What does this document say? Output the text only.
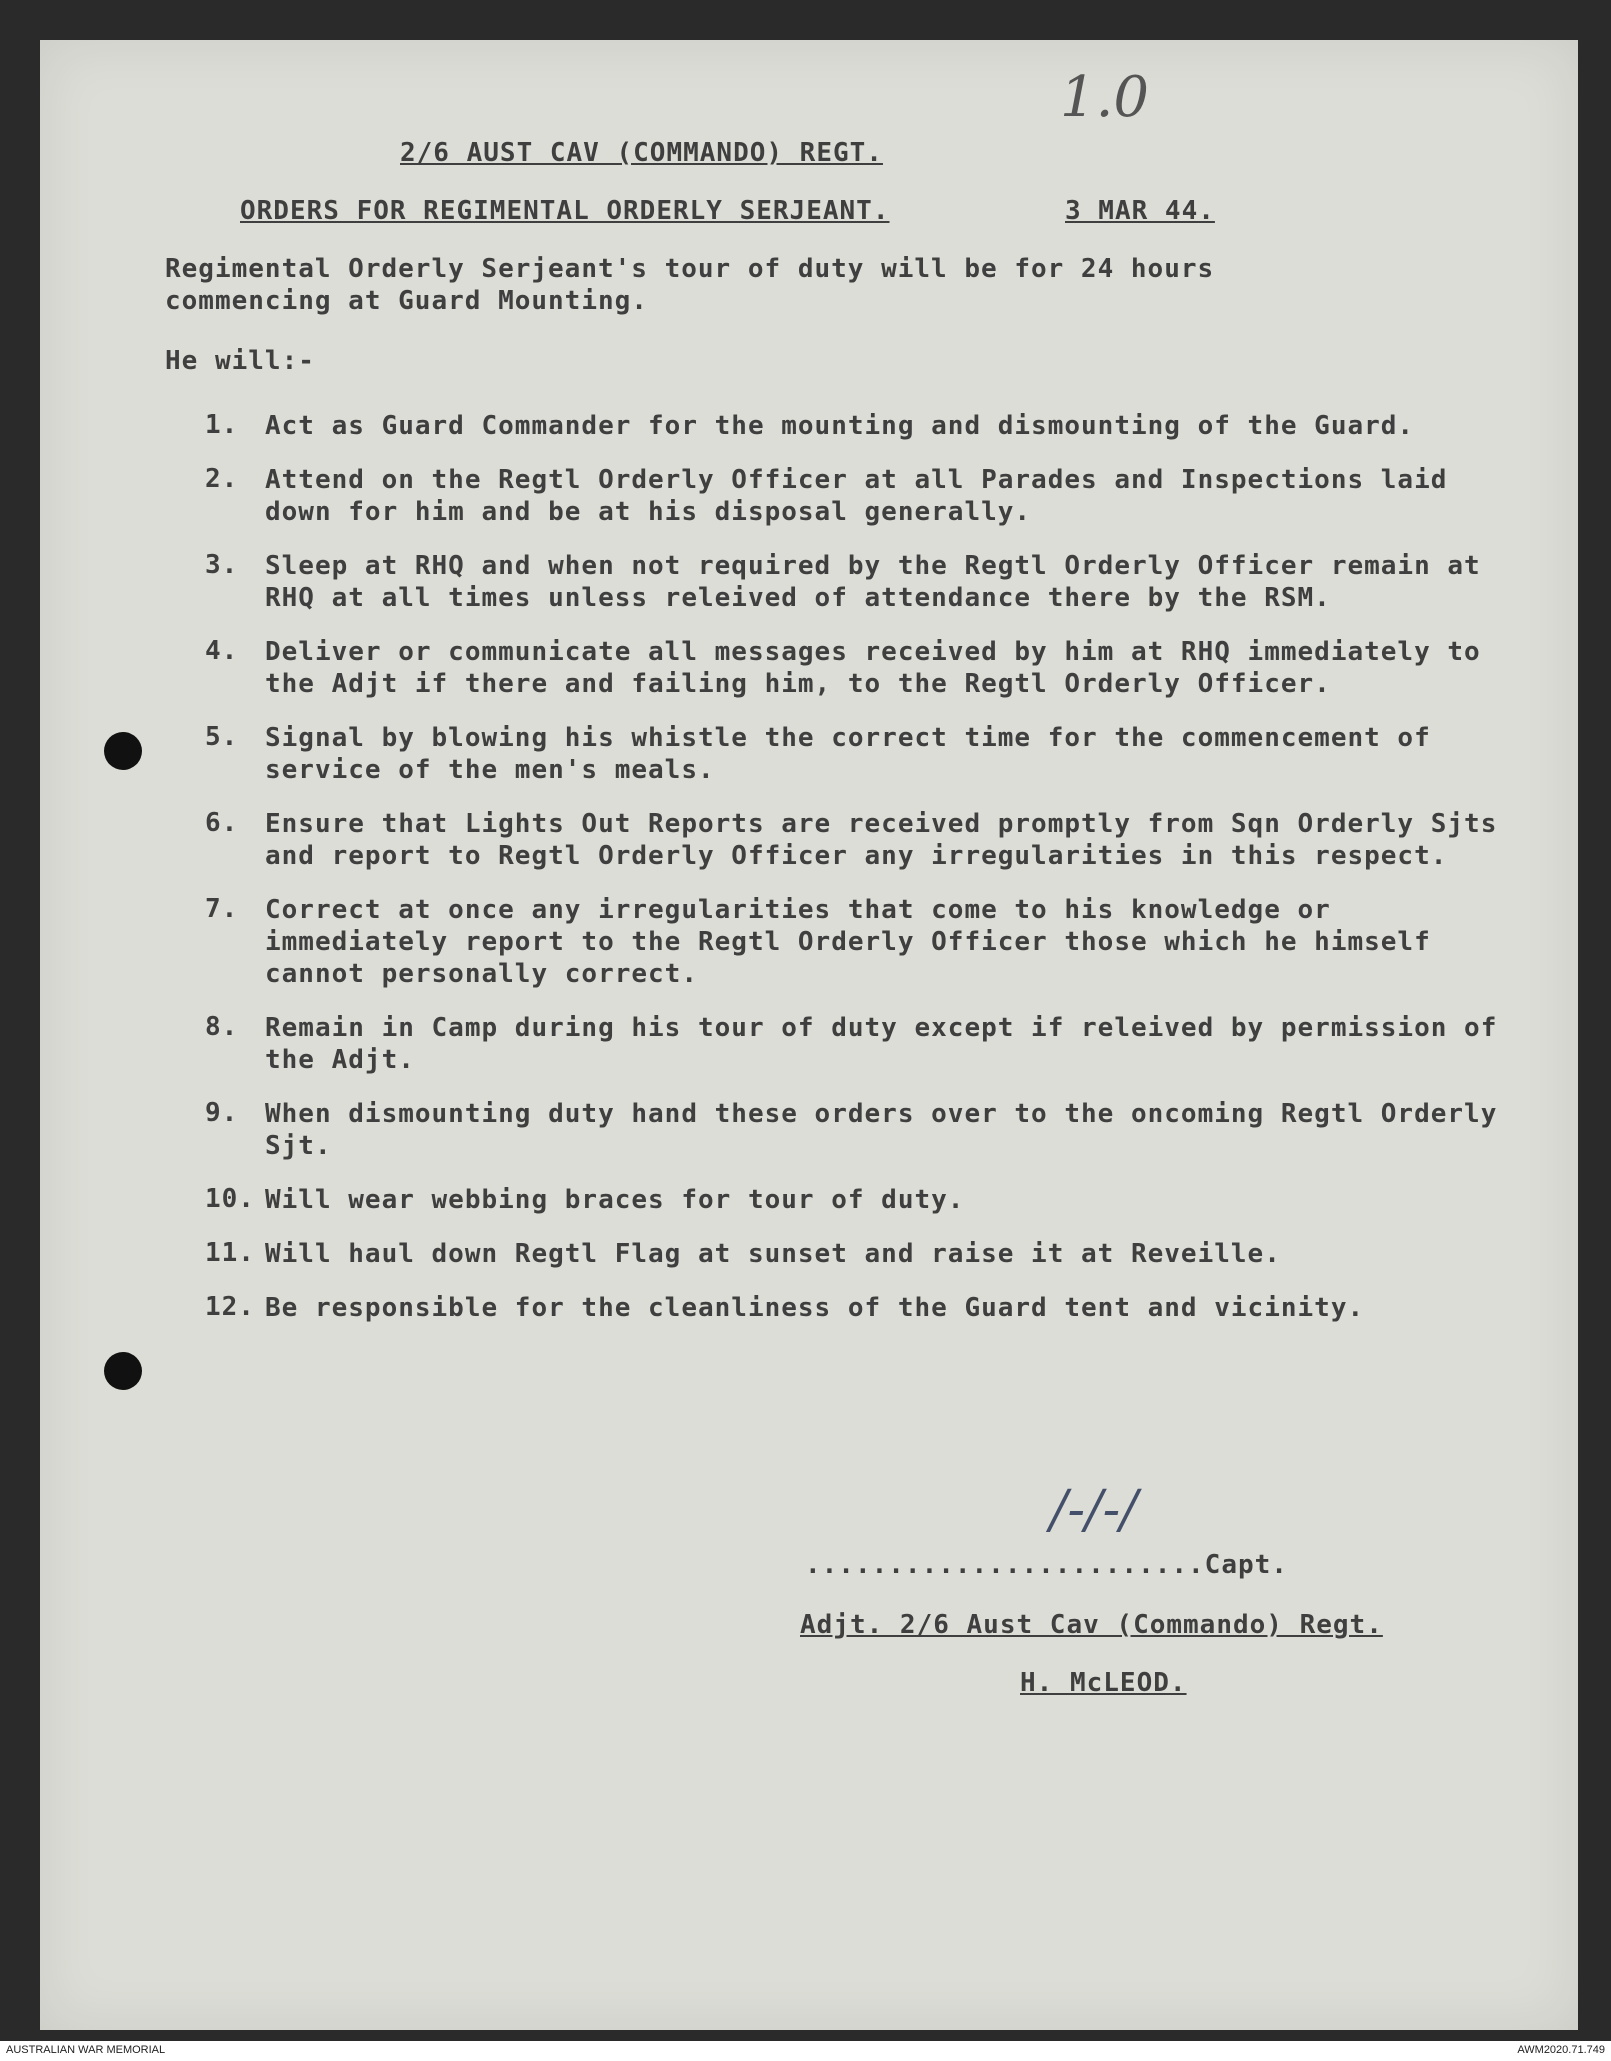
1.0
2/6 AUST CAV (COMMANDO) REGT.
ORDERS FOR REGIMENTAL ORDERLY SERJEANT.	3 MAR 44.
Regimental Orderly Serjeant's tour of duty will be for 24 hours
commencing at Guard Mounting.
He will:-
1.	Act as Guard Commander for the mounting and dismounting of the Guard.
2.	Attend on the Regtl Orderly Officer at all Parades and Inspections laid down for him and be at his disposal generally.
3.	Sleep at RHQ and when not required by the Regtl Orderly Officer remain at RHQ at all times unless releived of attendance there by the RSM.
4.	Deliver or communicate all messages received by him at RHQ immediately to the Adjt if there and failing him, to the Regtl Orderly Officer.
5.	Signal by blowing his whistle the correct time for the commencement of service of the men's meals.
6.	Ensure that Lights Out Reports are received promptly from Sqn Orderly Sjts and report to Regtl Orderly Officer any irregularities in this respect.
7.	Correct at once any irregularities that come to his knowledge or immediately report to the Regtl Orderly Officer those which he himself cannot personally correct.
8.	Remain in Camp during his tour of duty except if releived by permission of the Adjt.
9.	When dismounting duty hand these orders over to the oncoming Regtl Orderly Sjt.
10. Will wear webbing braces for tour of duty.
11. Will haul down Regtl Flag at sunset and raise it at Reveille.
12. Be responsible for the cleanliness of the Guard tent and vicinity.
/‑/‑/
........................Capt.
Adjt. 2/6 Aust Cav (Commando) Regt.
H. McLEOD.
AUSTRALIAN WAR MEMORIAL	AWM2020.71.749
